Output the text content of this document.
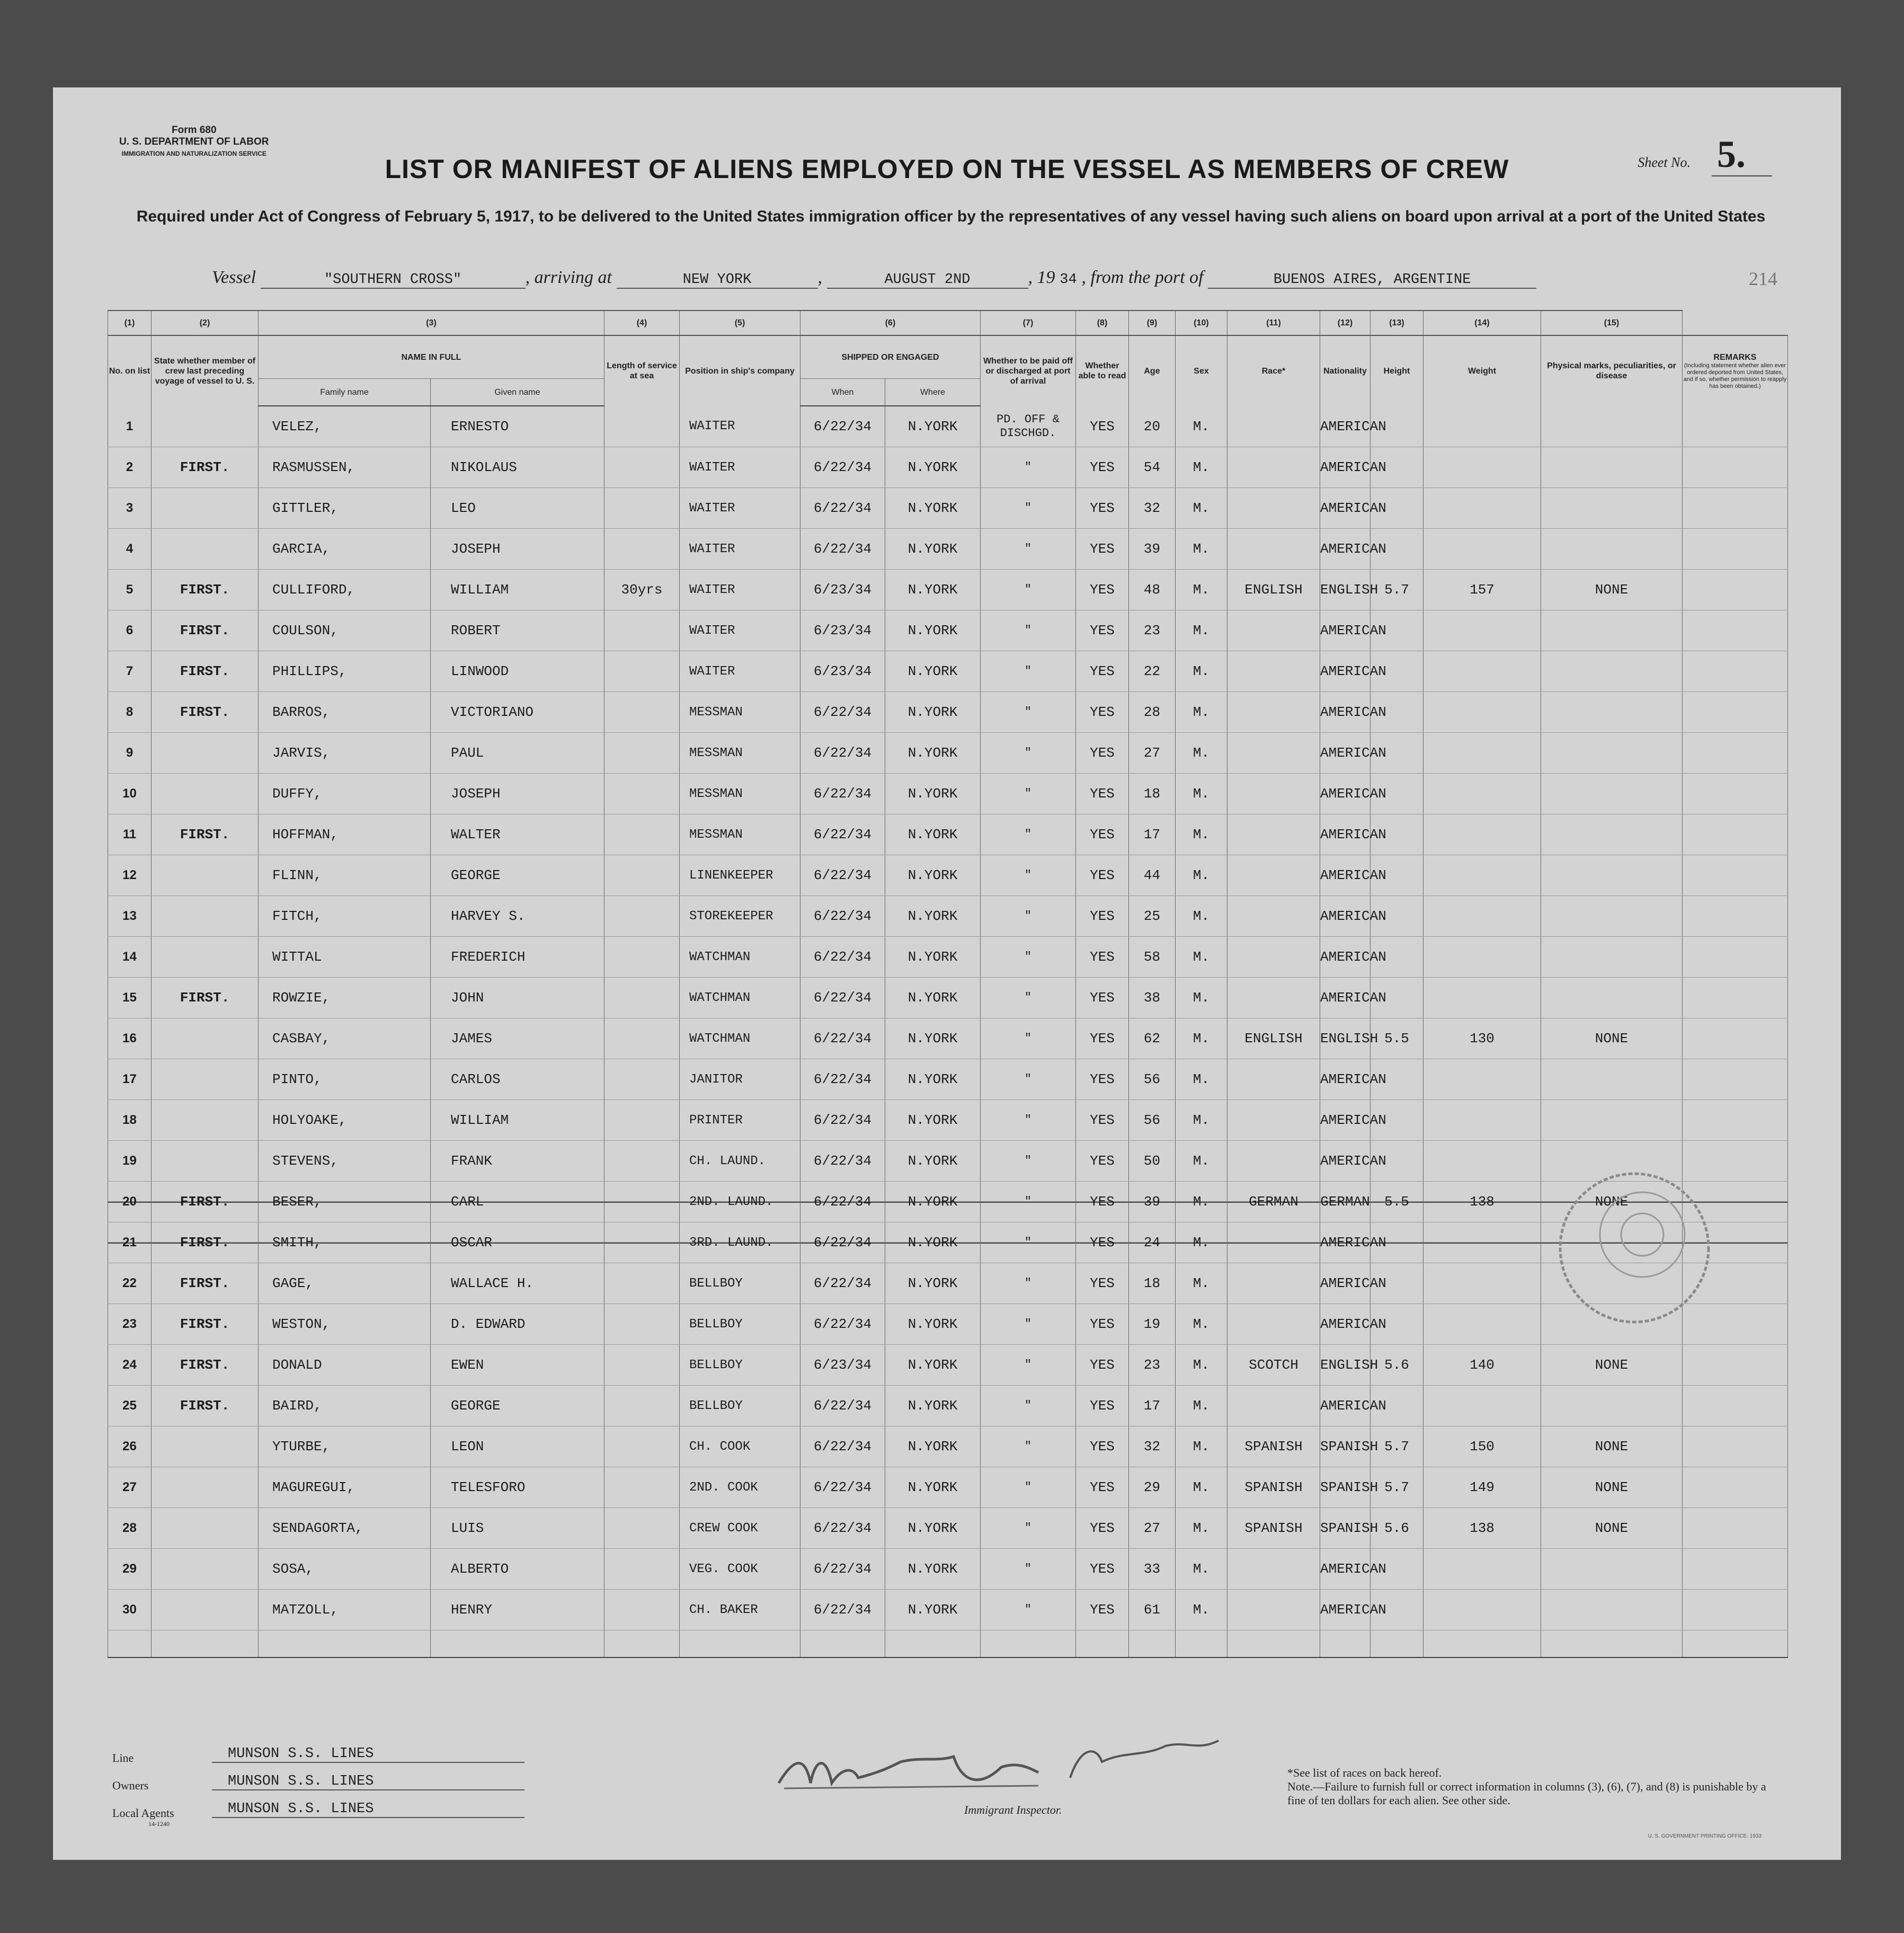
Form 680
U. S. DEPARTMENT OF LABOR
IMMIGRATION AND NATURALIZATION SERVICE
Sheet No. 5.
LIST OR MANIFEST OF ALIENS EMPLOYED ON THE VESSEL AS MEMBERS OF CREW
Required under Act of Congress of February 5, 1917, to be delivered to the United States immigration officer by the representatives of any vessel having such aliens on board upon arrival at a port of the United States
Vessel	"SOUTHERN CROSS"	, arriving at	NEW YORK	,	AUGUST 2ND	, 19 34 , from the port of	BUENOS AIRES, ARGENTINE	214
(1)	(2)	(3)		(4)	(5)	(6)		(7)	(8)	(9)	(10)	(11)	(12)	(13)	(14)	(15)	
No. on list	State whether member of crew last preceding voyage of vessel to U. S.	NAME IN FULL		Length of service at sea	Position in ship's company	SHIPPED OR ENGAGED		Whether to be paid off or discharged at port of arrival	Whether able to read	Age	Sex	Race*	Nationality	Height	Weight	Physical marks, peculiarities, or disease	REMARKS
(Including statement whether alien ever ordered deported from United States, and if so, whether permission to reapply has been obtained.)

		Family name	Given name			When	Where										
1		VELEZ,	ERNESTO		WAITER	6/22/34	N.YORK	PD. OFF & DISCHGD.	YES	20	M.		AMERICAN				
2	FIRST.	RASMUSSEN,	NIKOLAUS		WAITER	6/22/34	N.YORK	"	YES	54	M.		AMERICAN				
3		GITTLER,	LEO		WAITER	6/22/34	N.YORK	"	YES	32	M.		AMERICAN				
4		GARCIA,	JOSEPH		WAITER	6/22/34	N.YORK	"	YES	39	M.		AMERICAN				
5	FIRST.	CULLIFORD,	WILLIAM	30yrs	WAITER	6/23/34	N.YORK	"	YES	48	M.	ENGLISH	ENGLISH	5.7	157	NONE	
6	FIRST.	COULSON,	ROBERT		WAITER	6/23/34	N.YORK	"	YES	23	M.		AMERICAN				
7	FIRST.	PHILLIPS,	LINWOOD		WAITER	6/23/34	N.YORK	"	YES	22	M.		AMERICAN				
8	FIRST.	BARROS,	VICTORIANO		MESSMAN	6/22/34	N.YORK	"	YES	28	M.		AMERICAN				
9		JARVIS,	PAUL		MESSMAN	6/22/34	N.YORK	"	YES	27	M.		AMERICAN				
10		DUFFY,	JOSEPH		MESSMAN	6/22/34	N.YORK	"	YES	18	M.		AMERICAN				
11	FIRST.	HOFFMAN,	WALTER		MESSMAN	6/22/34	N.YORK	"	YES	17	M.		AMERICAN				
12		FLINN,	GEORGE		LINENKEEPER	6/22/34	N.YORK	"	YES	44	M.		AMERICAN				
13		FITCH,	HARVEY S.		STOREKEEPER	6/22/34	N.YORK	"	YES	25	M.		AMERICAN				
14		WITTAL	FREDERICH		WATCHMAN	6/22/34	N.YORK	"	YES	58	M.		AMERICAN				
15	FIRST.	ROWZIE,	JOHN		WATCHMAN	6/22/34	N.YORK	"	YES	38	M.		AMERICAN				
16		CASBAY,	JAMES		WATCHMAN	6/22/34	N.YORK	"	YES	62	M.	ENGLISH	ENGLISH	5.5	130	NONE	
17		PINTO,	CARLOS		JANITOR	6/22/34	N.YORK	"	YES	56	M.		AMERICAN				
18		HOLYOAKE,	WILLIAM		PRINTER	6/22/34	N.YORK	"	YES	56	M.		AMERICAN				
19		STEVENS,	FRANK		CH. LAUND.	6/22/34	N.YORK	"	YES	50	M.		AMERICAN				
20	FIRST.	BESER,	CARL		2ND. LAUND.	6/22/34	N.YORK	"	YES	39	M.	GERMAN	GERMAN	5.5	138	NONE	
21	FIRST.	SMITH,	OSCAR		3RD. LAUND.	6/22/34	N.YORK	"	YES	24	M.		AMERICAN				
22	FIRST.	GAGE,	WALLACE H.		BELLBOY	6/22/34	N.YORK	"	YES	18	M.		AMERICAN				
23	FIRST.	WESTON,	D. EDWARD		BELLBOY	6/22/34	N.YORK	"	YES	19	M.		AMERICAN				
24	FIRST.	DONALD	EWEN		BELLBOY	6/23/34	N.YORK	"	YES	23	M.	SCOTCH	ENGLISH	5.6	140	NONE	
25	FIRST.	BAIRD,	GEORGE		BELLBOY	6/22/34	N.YORK	"	YES	17	M.		AMERICAN				
26		YTURBE,	LEON		CH. COOK	6/22/34	N.YORK	"	YES	32	M.	SPANISH	SPANISH	5.7	150	NONE	
27		MAGUREGUI,	TELESFORO		2ND. COOK	6/22/34	N.YORK	"	YES	29	M.	SPANISH	SPANISH	5.7	149	NONE	
28		SENDAGORTA,	LUIS		CREW COOK	6/22/34	N.YORK	"	YES	27	M.	SPANISH	SPANISH	5.6	138	NONE	
29		SOSA,	ALBERTO		VEG. COOK	6/22/34	N.YORK	"	YES	33	M.		AMERICAN				
30		MATZOLL,	HENRY		CH. BAKER	6/22/34	N.YORK	"	YES	61	M.		AMERICAN				

Line	MUNSON S.S. LINES
Owners	MUNSON S.S. LINES
Local Agents	MUNSON S.S. LINES
14-1240
Immigrant Inspector.
*See list of races on back hereof.
Note.—Failure to furnish full or correct information in columns (3), (6), (7), and (8) is punishable by a fine of ten dollars for each alien. See other side.
U. S. GOVERNMENT PRINTING OFFICE: 1933
